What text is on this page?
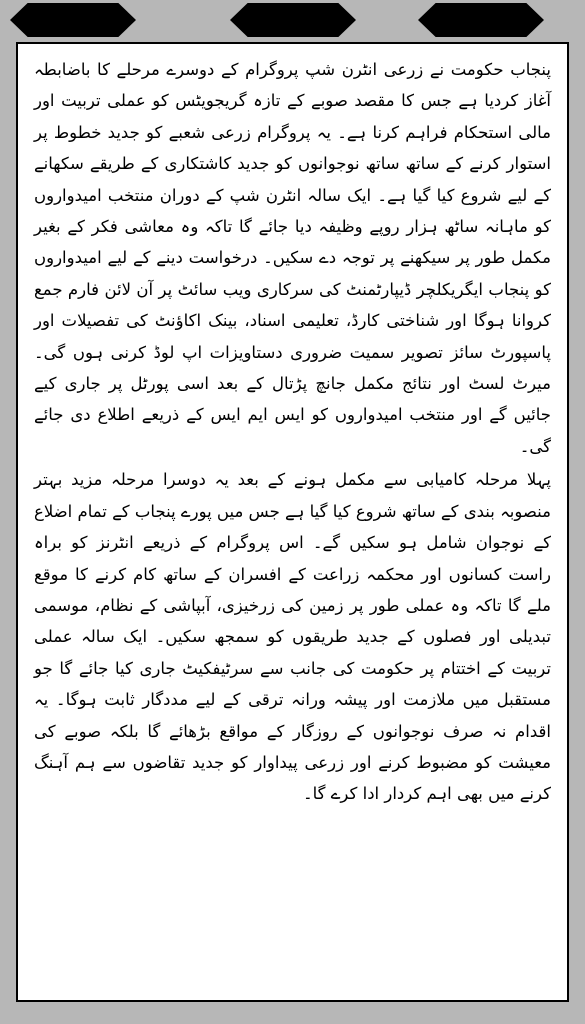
پنجاب حکومت نے زرعی انٹرن شپ پروگرام کے دوسرے مرحلے کا باضابطہ آغاز کردیا ہے جس کا مقصد صوبے کے تازہ گریجویٹس کو عملی تربیت اور مالی استحکام فراہم کرنا ہے۔ یہ پروگرام زرعی شعبے کو جدید خطوط پر استوار کرنے کے ساتھ ساتھ نوجوانوں کو جدید کاشتکاری کے طریقے سکھانے کے لیے شروع کیا گیا ہے۔ ایک سالہ انٹرن شپ کے دوران منتخب امیدواروں کو ماہانہ ساٹھ ہزار روپے وظیفہ دیا جائے گا تاکہ وہ معاشی فکر کے بغیر مکمل طور پر سیکھنے پر توجہ دے سکیں۔ درخواست دینے کے لیے امیدواروں کو پنجاب ایگریکلچر ڈیپارٹمنٹ کی سرکاری ویب سائٹ پر آن لائن فارم جمع کروانا ہوگا اور شناختی کارڈ، تعلیمی اسناد، بینک اکاؤنٹ کی تفصیلات اور پاسپورٹ سائز تصویر سمیت ضروری دستاویزات اپ لوڈ کرنی ہوں گی۔ میرٹ لسٹ اور نتائج مکمل جانچ پڑتال کے بعد اسی پورٹل پر جاری کیے جائیں گے اور منتخب امیدواروں کو ایس ایم ایس کے ذریعے اطلاع دی جائے گی۔

پہلا مرحلہ کامیابی سے مکمل ہونے کے بعد یہ دوسرا مرحلہ مزید بہتر منصوبہ بندی کے ساتھ شروع کیا گیا ہے جس میں پورے پنجاب کے تمام اضلاع کے نوجوان شامل ہو سکیں گے۔ اس پروگرام کے ذریعے انٹرنز کو براہ راست کسانوں اور محکمہ زراعت کے افسران کے ساتھ کام کرنے کا موقع ملے گا تاکہ وہ عملی طور پر زمین کی زرخیزی، آبپاشی کے نظام، موسمی تبدیلی اور فصلوں کے جدید طریقوں کو سمجھ سکیں۔ ایک سالہ عملی تربیت کے اختتام پر حکومت کی جانب سے سرٹیفکیٹ جاری کیا جائے گا جو مستقبل میں ملازمت اور پیشہ ورانہ ترقی کے لیے مددگار ثابت ہوگا۔ یہ اقدام نہ صرف نوجوانوں کے روزگار کے مواقع بڑھائے گا بلکہ صوبے کی معیشت کو مضبوط کرنے اور زرعی پیداوار کو جدید تقاضوں سے ہم آہنگ کرنے میں بھی اہم کردار ادا کرے گا۔
